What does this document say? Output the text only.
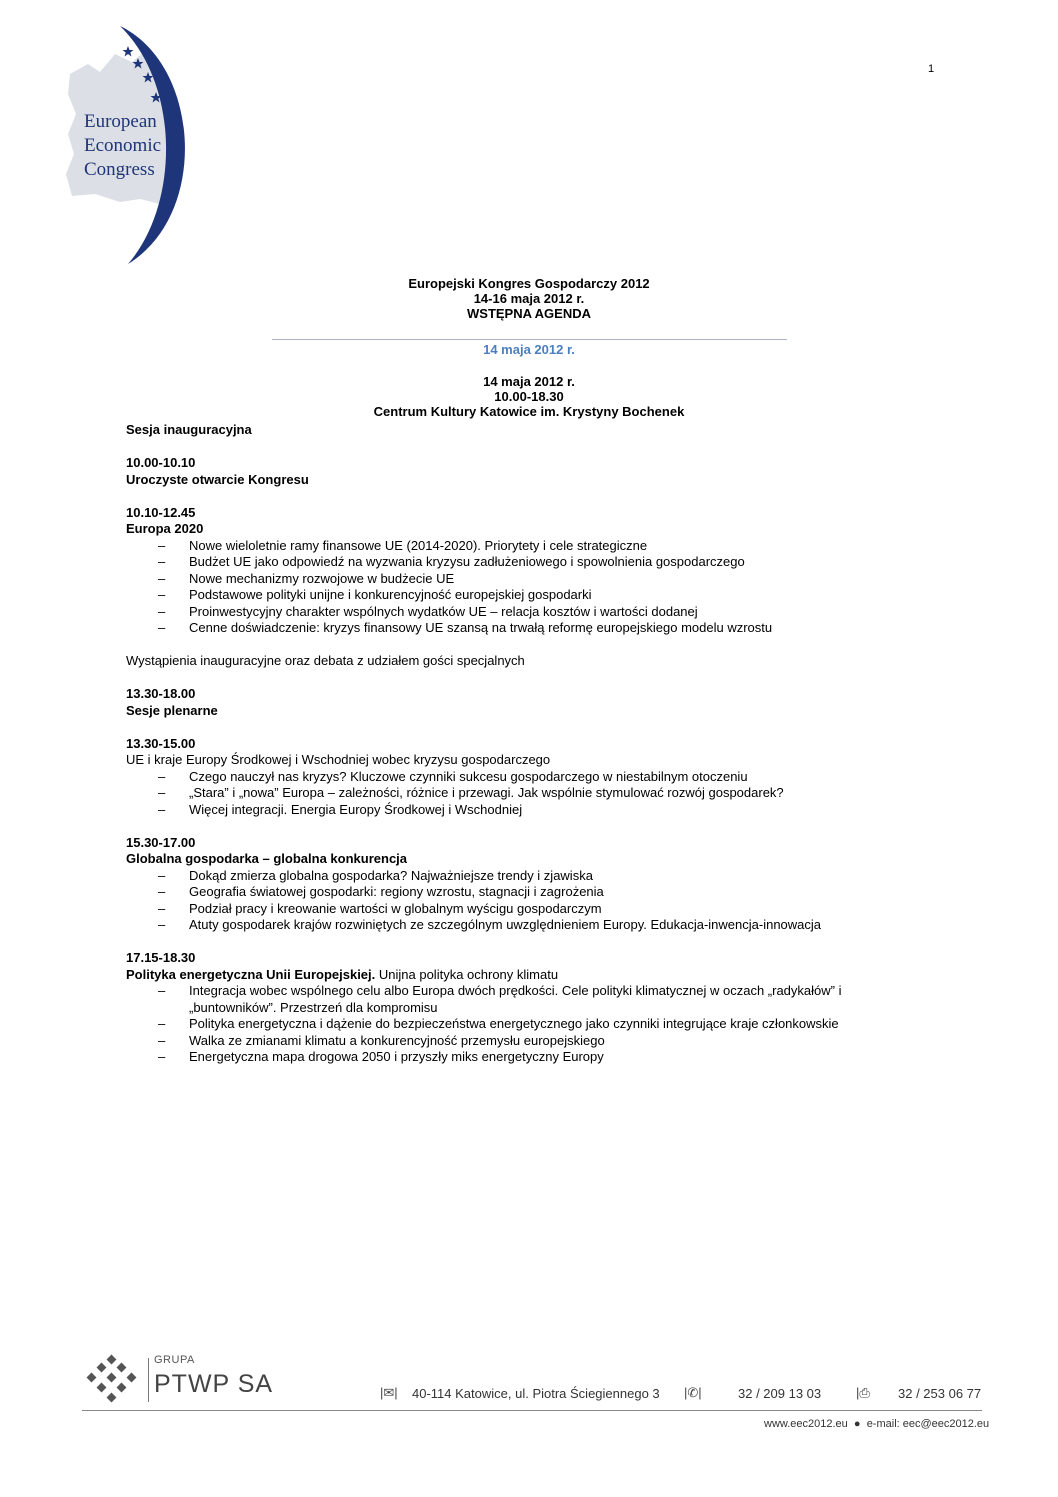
1
European
Economic
Congress
Europejski Kongres Gospodarczy 2012
14-16 maja 2012 r.
WSTĘPNA AGENDA
14 maja 2012 r.
14 maja 2012 r.
10.00-18.30
Centrum Kultury Katowice im. Krystyny Bochenek

Sesja inauguracyjna

10.00-10.10

Uroczyste otwarcie Kongresu

10.10-12.45

Europa 2020

– Nowe wieloletnie ramy finansowe UE (2014-2020). Priorytety i cele strategiczne
– Budżet UE jako odpowiedź na wyzwania kryzysu zadłużeniowego i spowolnienia gospodarczego
– Nowe mechanizmy rozwojowe w budżecie UE
– Podstawowe polityki unijne i konkurencyjność europejskiej gospodarki
– Proinwestycyjny charakter wspólnych wydatków UE – relacja kosztów i wartości dodanej
– Cenne doświadczenie: kryzys finansowy UE szansą na trwałą reformę europejskiego modelu wzrostu

Wystąpienia inauguracyjne oraz debata z udziałem gości specjalnych

13.30-18.00

Sesje plenarne

13.30-15.00

UE i kraje Europy Środkowej i Wschodniej wobec kryzysu gospodarczego

– Czego nauczył nas kryzys? Kluczowe czynniki sukcesu gospodarczego w niestabilnym otoczeniu
– „Stara” i „nowa” Europa – zależności, różnice i przewagi. Jak wspólnie stymulować rozwój gospodarek?
– Więcej integracji. Energia Europy Środkowej i Wschodniej

15.30-17.00

Globalna gospodarka – globalna konkurencja

– Dokąd zmierza globalna gospodarka? Najważniejsze trendy i zjawiska
– Geografia światowej gospodarki: regiony wzrostu, stagnacji i zagrożenia
– Podział pracy i kreowanie wartości w globalnym wyścigu gospodarczym
– Atuty gospodarek krajów rozwiniętych ze szczególnym uwzględnieniem Europy. Edukacja-inwencja-innowacja

17.15-18.30

Polityka energetyczna Unii Europejskiej. Unijna polityka ochrony klimatu

– Integracja wobec wspólnego celu albo Europa dwóch prędkości. Cele polityki klimatycznej w oczach „radykałów” i „buntowników”. Przestrzeń dla kompromisu
– Polityka energetyczna i dążenie do bezpieczeństwa energetycznego jako czynniki integrujące kraje członkowskie
– Walka ze zmianami klimatu a konkurencyjność przemysłu europejskiego
– Energetyczna mapa drogowa 2050 i przyszły miks energetyczny Europy
GRUPA
PTWP SA	|✉| 40-114 Katowice, ul. Piotra Ściegiennego 3 |✆|	32 / 209 13 03	|⎙ 32 / 253 06 77
www.eec2012.eu ● e-mail: eec@eec2012.eu
